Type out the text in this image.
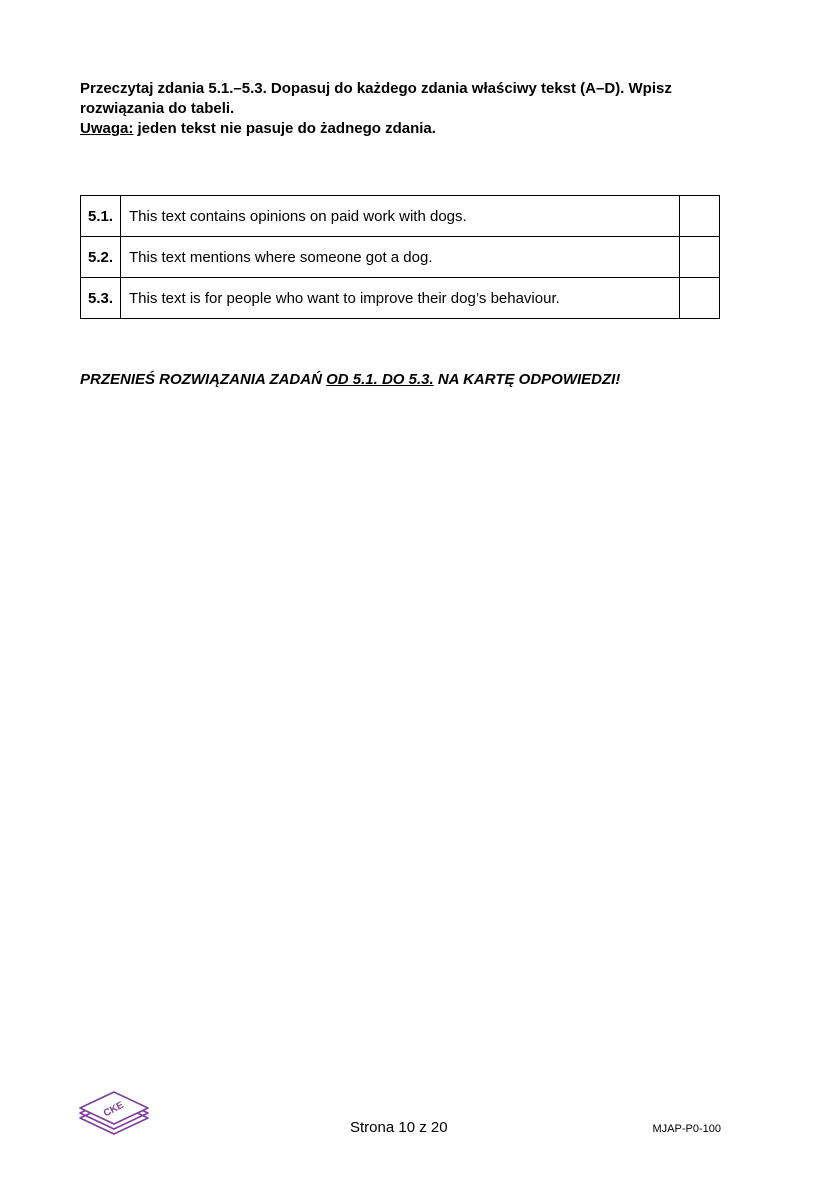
Przeczytaj zdania 5.1.–5.3. Dopasuj do każdego zdania właściwy tekst (A–D). Wpisz rozwiązania do tabeli.

Uwaga: jeden tekst nie pasuje do żadnego zdania.

5.1.	This text contains opinions on paid work with dogs.	
5.2.	This text mentions where someone got a dog.	
5.3.	This text is for people who want to improve their dog’s behaviour.	
PRZENIEŚ ROZWIĄZANIA ZADAŃ OD 5.1. DO 5.3. NA KARTĘ ODPOWIEDZI!
CKE
Strona 10 z 20	MJAP-P0-100
